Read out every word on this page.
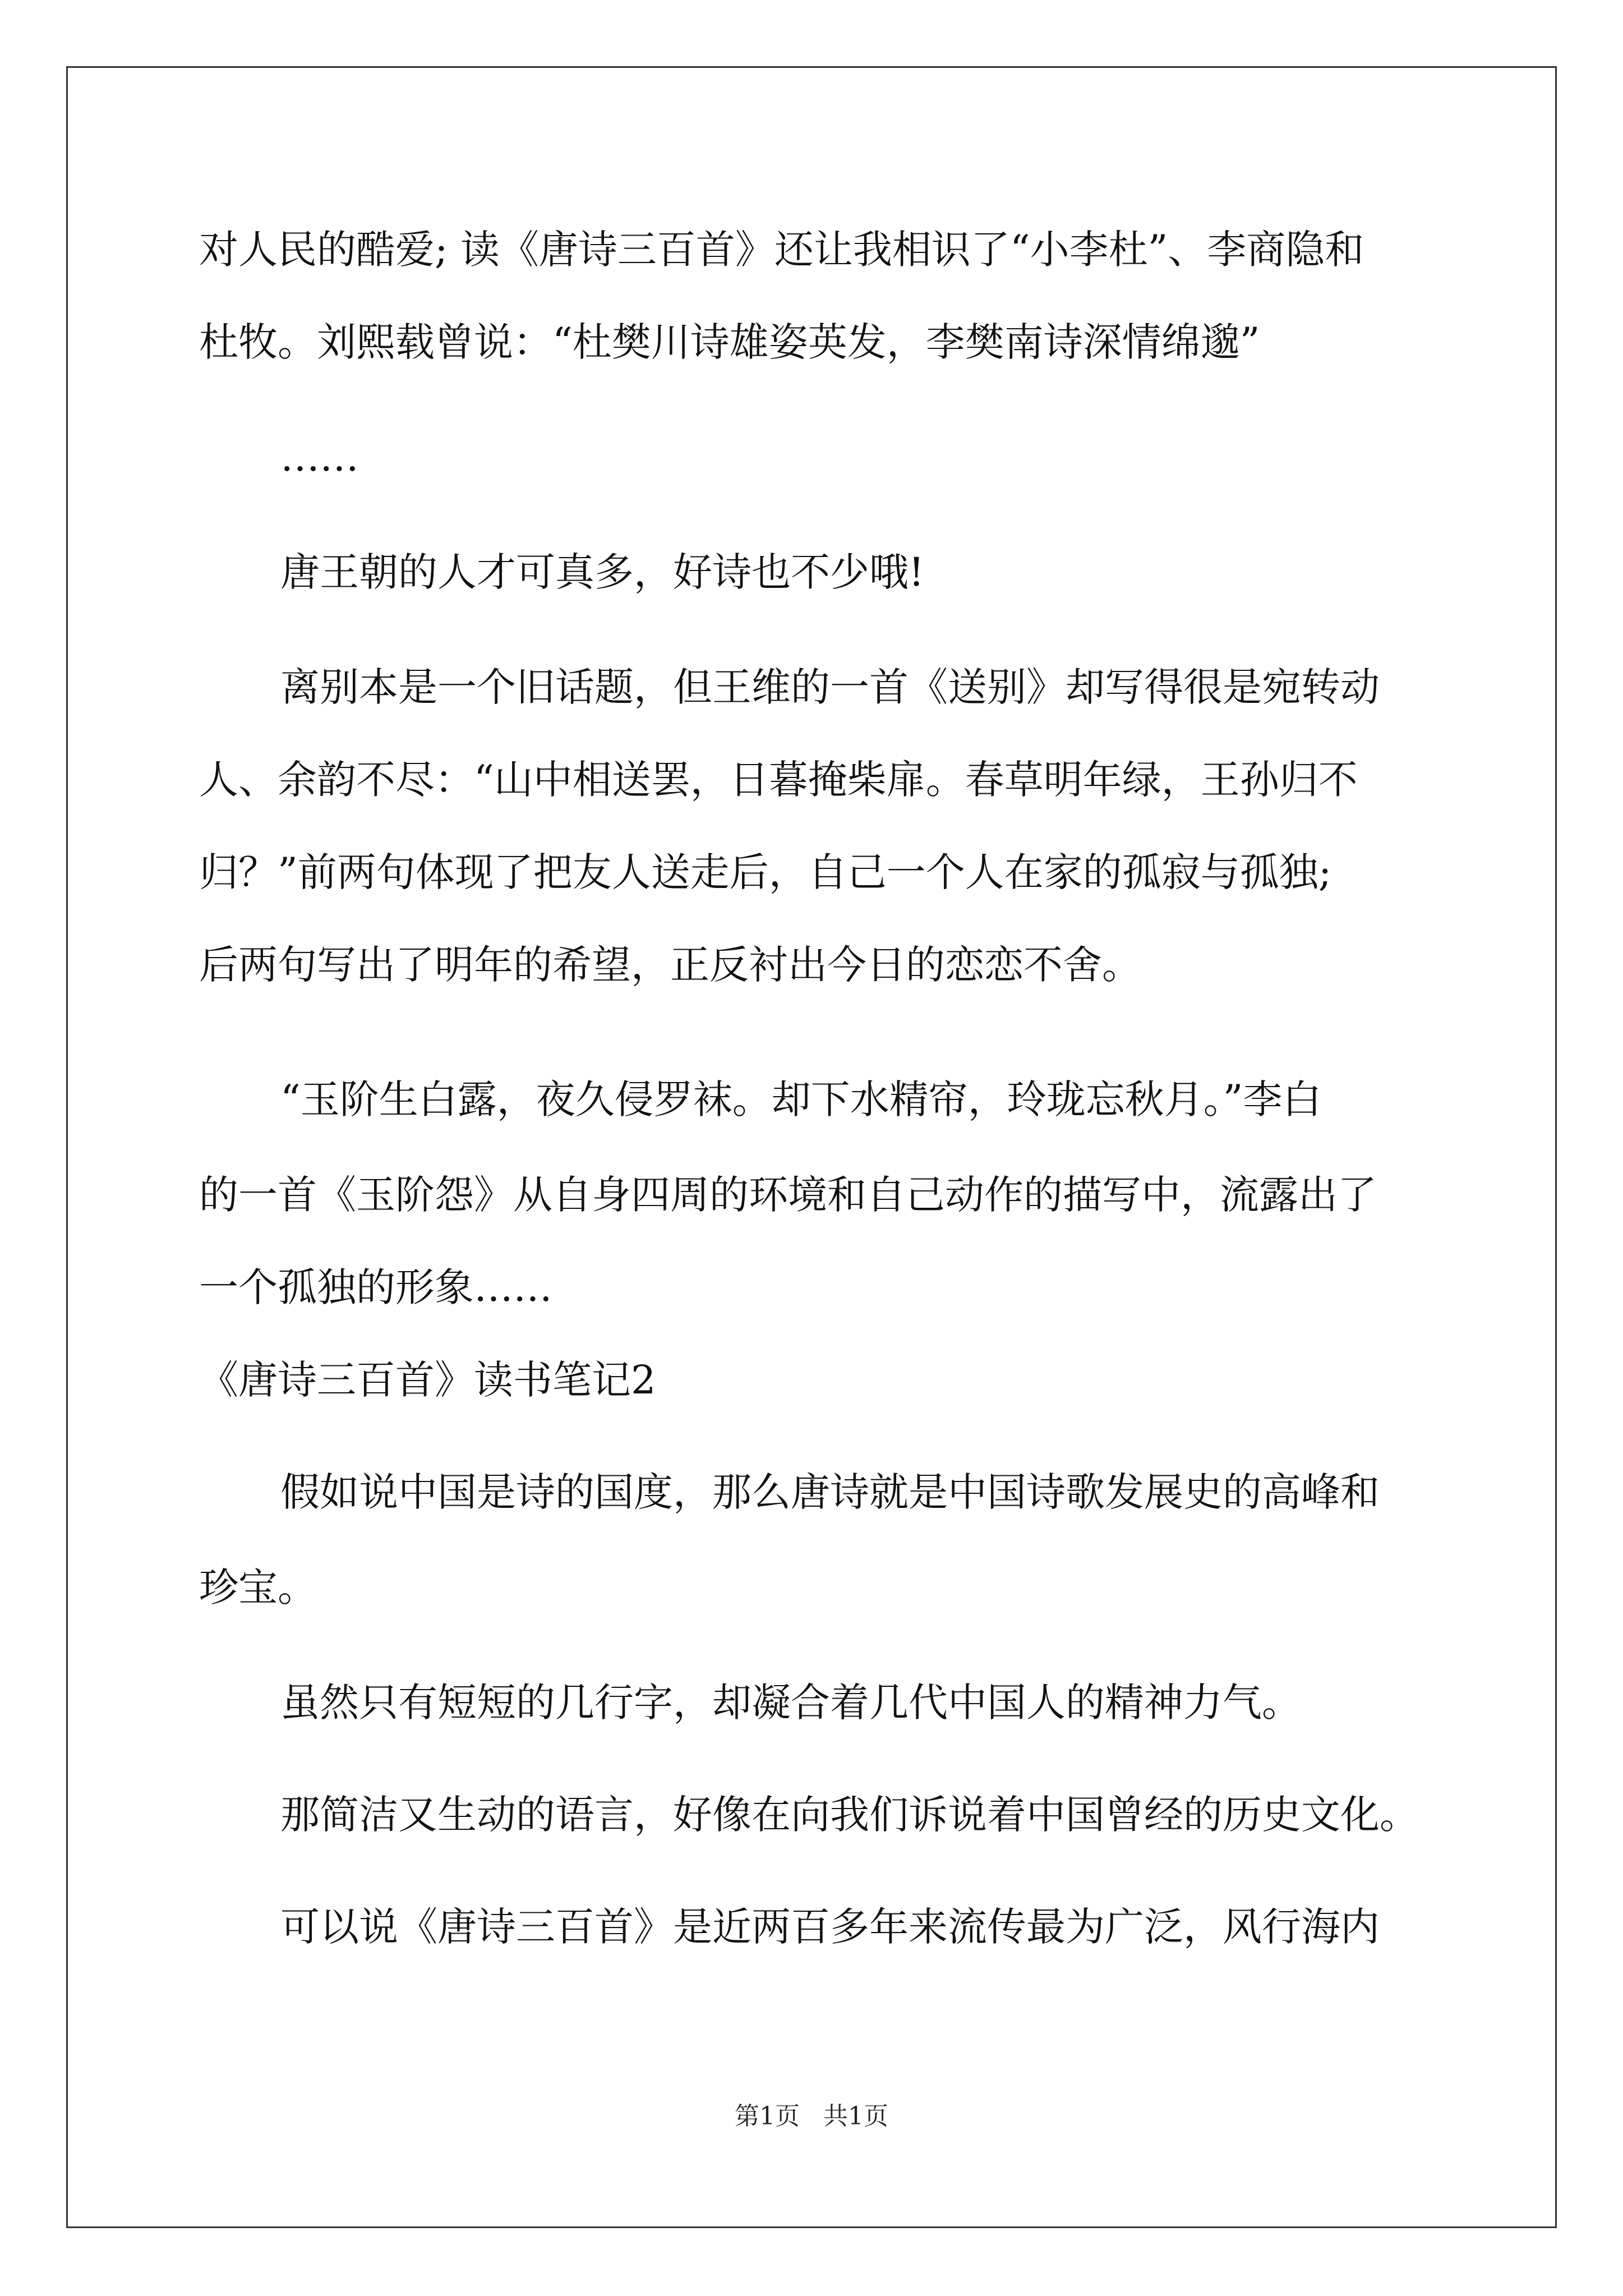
对人民的酷爱; 读《唐诗三百首》还让我相识了“小李杜”、李商隐和
杜牧。刘熙载曾说：“杜樊川诗雄姿英发，李樊南诗深情绵邈”
……
唐王朝的人才可真多，好诗也不少哦!
离别本是一个旧话题，但王维的一首《送别》却写得很是宛转动
人、余韵不尽：“山中相送罢，日暮掩柴扉。春草明年绿，王孙归不
归？”前两句体现了把友人送走后，自己一个人在家的孤寂与孤独;
后两句写出了明年的希望，正反衬出今日的恋恋不舍。
“玉阶生白露，夜久侵罗袜。却下水精帘，玲珑忘秋月。”李白
的一首《玉阶怨》从自身四周的环境和自己动作的描写中，流露出了
一个孤独的形象……
《唐诗三百首》读书笔记2
假如说中国是诗的国度，那么唐诗就是中国诗歌发展史的高峰和
珍宝。
虽然只有短短的几行字，却凝合着几代中国人的精神力气。
那简洁又生动的语言，好像在向我们诉说着中国曾经的历史文化。
可以说《唐诗三百首》是近两百多年来流传最为广泛，风行海内
第1页   共1页
